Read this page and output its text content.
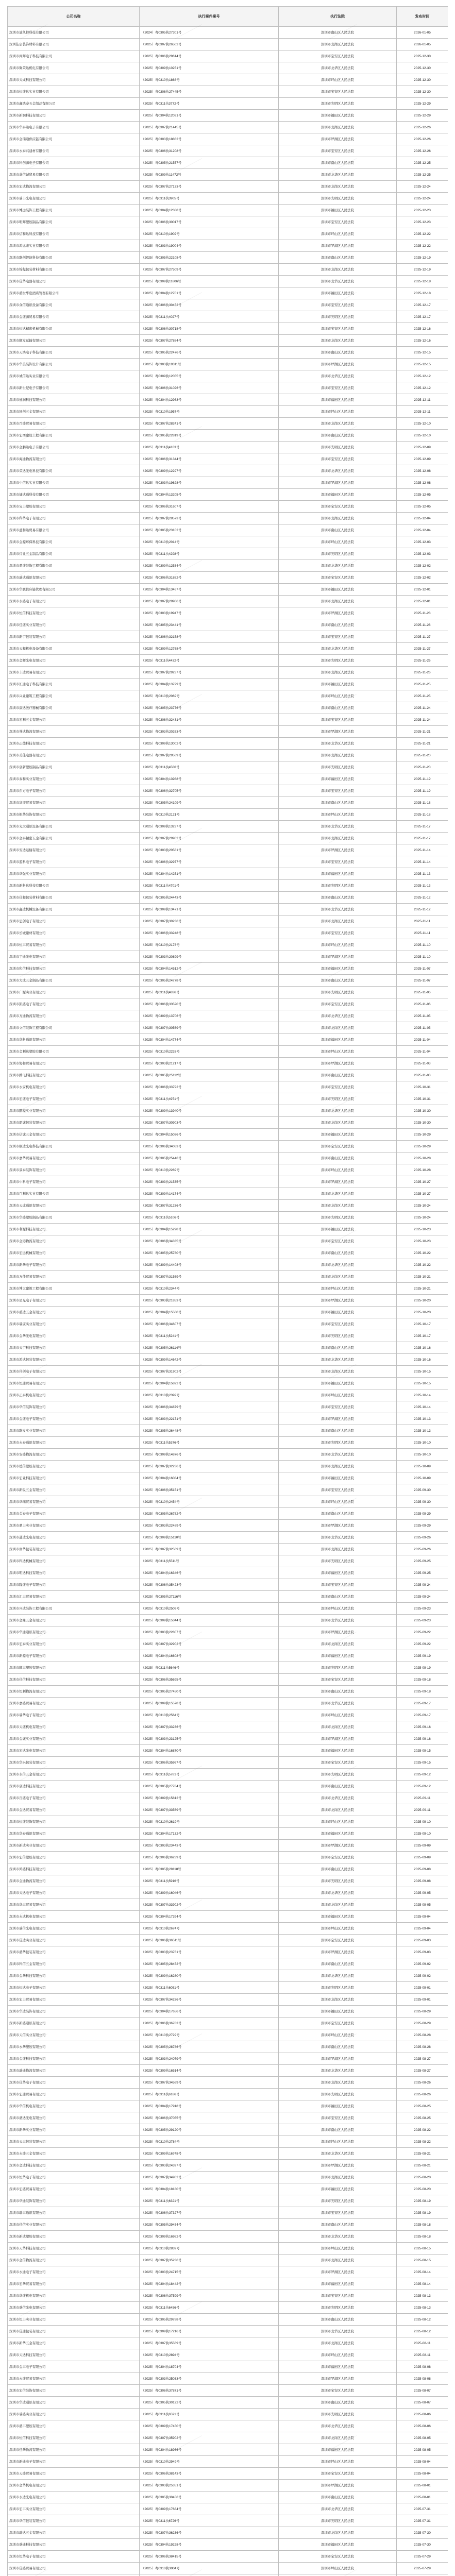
公司名称	执行案件案号	执行法院	发布时间
深圳市迪凯特科技有限公司	（2024）粤0305执27301号	深圳市南山区人民法院	2026-01-05
深圳佳启装饰材料有限公司	（2025）粤0307执26502号	深圳市龙岗区人民法院	2026-01-05
深圳市尚辉电子科技有限公司	（2025）粤0306执29614号	深圳市宝安区人民法院	2025-12-30
深圳市聚荣达机电有限公司	（2025）粤0309执10251号	深圳市龙华区人民法院	2025-12-30
深圳市天成科技有限公司	（2025）粤0310执1868号	深圳市坪山区人民法院	2025-12-30
深圳市恒盛达实业有限公司	（2025）粤0306执27445号	深圳市宝安区人民法院	2025-12-30
深圳市鑫鸿泰五金制品有限公司	（2025）粤0311执3772号	深圳市光明区人民法院	2025-12-29
深圳市新润科技有限公司	（2025）粤0304执12031号	深圳市福田区人民法院	2025-12-29
深圳市华泰达电子有限公司	（2025）粤0307执21445号	深圳市龙岗区人民法院	2025-12-26
深圳市金瑞通供应链有限公司	（2025）粤0303执18862号	深圳市罗湖区人民法院	2025-12-26
深圳市永泰兴建材有限公司	（2025）粤0306执31208号	深圳市宝安区人民法院	2025-12-26
深圳市科创源电子有限公司	（2025）粤0305执21557号	深圳市南山区人民法院	2025-12-25
深圳市嘉信诚贸易有限公司	（2025）粤0309执11472号	深圳市龙华区人民法院	2025-12-25
深圳市宏达物流有限公司	（2025）粤0307执27133号	深圳市龙岗区人民法院	2025-12-24
深圳市瑞丰光电有限公司	（2025）粤0311执3905号	深圳市光明区人民法院	2025-12-24
深圳市博远装饰工程有限公司	（2025）粤0304执12388号	深圳市福田区人民法院	2025-12-23
深圳市明辉塑胶制品有限公司	（2025）粤0306执30017号	深圳市宝安区人民法院	2025-12-23
深圳市信和达科技有限公司	（2025）粤0310执1902号	深圳市坪山区人民法院	2025-12-22
深圳市鸿运来实业有限公司	（2025）粤0303执19004号	深圳市罗湖区人民法院	2025-12-22
深圳市联创智能科技有限公司	（2025）粤0305执22108号	深圳市南山区人民法院	2025-12-19
深圳市锦程包装材料有限公司	（2025）粤0307执27509号	深圳市龙岗区人民法院	2025-12-19
深圳市佳华电器有限公司	（2025）粤0309执11806号	深圳市龙华区人民法院	2025-12-18
深圳市盛世华庭酒店管理有限公司	（2025）粤0304执12701号	深圳市福田区人民法院	2025-12-18
深圳市众信通讯设备有限公司	（2025）粤0306执30452号	深圳市宝安区人民法院	2025-12-17
深圳市金盛源贸易有限公司	（2025）粤0311执4027号	深圳市光明区人民法院	2025-12-17
深圳市恒达精密机械有限公司	（2025）粤0306执30718号	深圳市宝安区人民法院	2025-12-16
深圳市顺发运输有限公司	（2025）粤0307执27884号	深圳市龙岗区人民法院	2025-12-16
深圳市天鸿电子科技有限公司	（2025）粤0305执22476号	深圳市南山区人民法院	2025-12-15
深圳市华美装饰设计有限公司	（2025）粤0303执19311号	深圳市罗湖区人民法院	2025-12-15
深圳市诚信达实业有限公司	（2025）粤0309执12055号	深圳市龙华区人民法院	2025-12-12
深圳市新世纪电子有限公司	（2025）粤0306执31026号	深圳市宝安区人民法院	2025-12-12
深圳市德润科技有限公司	（2025）粤0304执12963号	深圳市福田区人民法院	2025-12-11
深圳市同创五金有限公司	（2025）粤0310执1957号	深圳市坪山区人民法院	2025-12-11
深圳市百盛贸易有限公司	（2025）粤0307执28241号	深圳市龙岗区人民法院	2025-12-10
深圳市宏图建设工程有限公司	（2025）粤0305执22819号	深圳市南山区人民法院	2025-12-10
深圳市金鹏达电子有限公司	（2025）粤0311执4163号	深圳市光明区人民法院	2025-12-09
深圳市海通物流有限公司	（2025）粤0306执31344号	深圳市宝安区人民法院	2025-12-09
深圳市荣达光电科技有限公司	（2025）粤0309执12297号	深圳市龙华区人民法院	2025-12-08
深圳市中信达实业有限公司	（2025）粤0303执19628号	深圳市罗湖区人民法院	2025-12-08
深圳市捷达通科技有限公司	（2025）粤0304执13205号	深圳市福田区人民法院	2025-12-05
深圳市宝丰塑胶有限公司	（2025）粤0306执31607号	深圳市宝安区人民法院	2025-12-05
深圳市科华电子有限公司	（2025）粤0307执28573号	深圳市龙岗区人民法院	2025-12-04
深圳市益和达贸易有限公司	（2025）粤0305执23102号	深圳市南山区人民法院	2025-12-04
深圳市金源环保科技有限公司	（2025）粤0310执2014号	深圳市坪山区人民法院	2025-12-03
深圳市伟业五金制品有限公司	（2025）粤0311执4298号	深圳市光明区人民法院	2025-12-03
深圳市鼎盛装饰工程有限公司	（2025）粤0309执12534号	深圳市龙华区人民法院	2025-12-02
深圳市瑞达通讯有限公司	（2025）粤0306执31882号	深圳市宝安区人民法院	2025-12-02
深圳市华联供应链管理有限公司	（2025）粤0304执13467号	深圳市福田区人民法院	2025-12-01
深圳市永盛电子有限公司	（2025）粤0307执28906号	深圳市龙岗区人民法院	2025-12-01
深圳市恒信科技有限公司	（2025）粤0303执19947号	深圳市罗湖区人民法院	2025-11-28
深圳市佳盛实业有限公司	（2025）粤0305执23441号	深圳市南山区人民法院	2025-11-28
深圳市新宇包装有限公司	（2025）粤0306执32158号	深圳市宝安区人民法院	2025-11-27
深圳市天和机电设备有限公司	（2025）粤0309执12768号	深圳市龙华区人民法院	2025-11-27
深圳市金辉光电有限公司	（2025）粤0311执4432号	深圳市光明区人民法院	2025-11-26
深圳市丰达贸易有限公司	（2025）粤0307执29237号	深圳市龙岗区人民法院	2025-11-26
深圳市汇通电子科技有限公司	（2025）粤0304执13729号	深圳市福田区人民法院	2025-11-25
深圳市兴业建筑工程有限公司	（2025）粤0310执2069号	深圳市坪山区人民法院	2025-11-25
深圳市康达医疗器械有限公司	（2025）粤0305执23776号	深圳市南山区人民法院	2025-11-24
深圳市宏利五金有限公司	（2025）粤0306执32431号	深圳市宝安区人民法院	2025-11-24
深圳市誉达物流有限公司	（2025）粤0303执20263号	深圳市罗湖区人民法院	2025-11-21
深圳市正德科技有限公司	（2025）粤0309执13002号	深圳市龙华区人民法院	2025-11-21
深圳市美佳电器有限公司	（2025）粤0307执29569号	深圳市龙岗区人民法院	2025-11-20
深圳市创新塑胶制品有限公司	（2025）粤0311执4566号	深圳市光明区人民法院	2025-11-20
深圳市泰和实业有限公司	（2025）粤0304执13988号	深圳市福田区人民法院	2025-11-19
深圳市东方电子有限公司	（2025）粤0306执32705号	深圳市宝安区人民法院	2025-11-19
深圳市富康贸易有限公司	（2025）粤0305执24109号	深圳市南山区人民法院	2025-11-18
深圳市振华装饰有限公司	（2025）粤0310执2121号	深圳市坪山区人民法院	2025-11-18
深圳市光大通讯设备有限公司	（2025）粤0309执13237号	深圳市龙华区人民法院	2025-11-17
深圳市金泰精密五金有限公司	（2025）粤0307执29902号	深圳市龙岗区人民法院	2025-11-17
深圳市安达运输有限公司	（2025）粤0303执20581号	深圳市罗湖区人民法院	2025-11-14
深圳市盈科电子有限公司	（2025）粤0306执32977号	深圳市宝安区人民法院	2025-11-14
深圳市华强实业有限公司	（2025）粤0304执14251号	深圳市福田区人民法院	2025-11-13
深圳市新科达科技有限公司	（2025）粤0311执4701号	深圳市光明区人民法院	2025-11-13
深圳市佳和包装材料有限公司	（2025）粤0305执24443号	深圳市南山区人民法院	2025-11-12
深圳市鑫达机械设备有限公司	（2025）粤0309执13471号	深圳市龙华区人民法院	2025-11-12
深圳市思创电子有限公司	（2025）粤0307执30236号	深圳市龙岗区人民法院	2025-11-11
深圳市长城建材有限公司	（2025）粤0306执33248号	深圳市宝安区人民法院	2025-11-11
深圳市恒丰贸易有限公司	（2025）粤0310执2178号	深圳市坪山区人民法院	2025-11-10
深圳市宇通光电有限公司	（2025）粤0303执20899号	深圳市罗湖区人民法院	2025-11-10
深圳市和信科技有限公司	（2025）粤0304执14512号	深圳市福田区人民法院	2025-11-07
深圳市大成五金制品有限公司	（2025）粤0305执24778号	深圳市南山区人民法院	2025-11-07
深圳市广源实业有限公司	（2025）粤0311执4836号	深圳市光明区人民法院	2025-11-06
深圳市凯盛电子有限公司	（2025）粤0306执33520号	深圳市宝安区人民法院	2025-11-06
深圳市万通物流有限公司	（2025）粤0309执13706号	深圳市龙华区人民法院	2025-11-05
深圳市立信装饰工程有限公司	（2025）粤0307执30569号	深圳市龙岗区人民法院	2025-11-05
深圳市华科通讯有限公司	（2025）粤0304执14774号	深圳市福田区人民法院	2025-11-04
深圳市金利达塑胶有限公司	（2025）粤0310执2233号	深圳市坪山区人民法院	2025-11-04
深圳市协和贸易有限公司	（2025）粤0303执21217号	深圳市罗湖区人民法院	2025-11-03
深圳市腾飞科技有限公司	（2025）粤0305执25112号	深圳市南山区人民法院	2025-11-03
深圳市永安机电有限公司	（2025）粤0306执33792号	深圳市宝安区人民法院	2025-10-31
深圳市宏盛电子有限公司	（2025）粤0311执4971号	深圳市光明区人民法院	2025-10-31
深圳市鹏程实业有限公司	（2025）粤0309执13940号	深圳市龙华区人民法院	2025-10-30
深圳市朗诚包装有限公司	（2025）粤0307执30903号	深圳市龙岗区人民法院	2025-10-30
深圳市信诚五金有限公司	（2025）粤0304执15036号	深圳市福田区人民法院	2025-10-29
深圳市顺达光电科技有限公司	（2025）粤0306执34063号	深圳市宝安区人民法院	2025-10-29
深圳市嘉华贸易有限公司	（2025）粤0305执25446号	深圳市南山区人民法院	2025-10-28
深圳市景泰装饰有限公司	（2025）粤0310执2289号	深圳市坪山区人民法院	2025-10-28
深圳市中科电子有限公司	（2025）粤0303执21535号	深圳市罗湖区人民法院	2025-10-27
深圳市百利达实业有限公司	（2025）粤0309执14174号	深圳市龙华区人民法院	2025-10-27
深圳市天成通讯有限公司	（2025）粤0307执31236号	深圳市龙岗区人民法院	2025-10-24
深圳市华盛塑胶制品有限公司	（2025）粤0311执5106号	深圳市光明区人民法院	2025-10-24
深圳市利源科技有限公司	（2025）粤0304执15298号	深圳市福田区人民法院	2025-10-23
深圳市金港物流有限公司	（2025）粤0306执34335号	深圳市宝安区人民法院	2025-10-23
深圳市宏远机械有限公司	（2025）粤0305执25780号	深圳市南山区人民法院	2025-10-22
深圳市新华电子有限公司	（2025）粤0309执14408号	深圳市龙华区人民法院	2025-10-22
深圳市万佳贸易有限公司	（2025）粤0307执31569号	深圳市龙岗区人民法院	2025-10-21
深圳市博大建筑工程有限公司	（2025）粤0310执2344号	深圳市坪山区人民法院	2025-10-21
深圳市星光电子有限公司	（2025）粤0303执21853号	深圳市罗湖区人民法院	2025-10-20
深圳市盛达五金有限公司	（2025）粤0304执15560号	深圳市福田区人民法院	2025-10-20
深圳市瑞康实业有限公司	（2025）粤0306执34607号	深圳市宝安区人民法院	2025-10-17
深圳市金华光电有限公司	（2025）粤0311执5241号	深圳市光明区人民法院	2025-10-17
深圳市天宇科技有限公司	（2025）粤0305执26114号	深圳市南山区人民法院	2025-10-16
深圳市鸿达包装有限公司	（2025）粤0309执14642号	深圳市龙华区人民法院	2025-10-16
深圳市伟创电子有限公司	（2025）粤0307执31902号	深圳市龙岗区人民法院	2025-10-15
深圳市恒通贸易有限公司	（2025）粤0304执15822号	深圳市福田区人民法院	2025-10-15
深圳市正泰机电有限公司	（2025）粤0310执2399号	深圳市坪山区人民法院	2025-10-14
深圳市华信装饰有限公司	（2025）粤0306执34879号	深圳市宝安区人民法院	2025-10-14
深圳市金盛电子有限公司	（2025）粤0303执22171号	深圳市罗湖区人民法院	2025-10-13
深圳市联发实业有限公司	（2025）粤0305执26448号	深圳市南山区人民法院	2025-10-13
深圳市永泰通讯有限公司	（2025）粤0311执5376号	深圳市光明区人民法院	2025-10-10
深圳市安盛物流有限公司	（2025）粤0309执14876号	深圳市龙华区人民法院	2025-10-10
深圳市德信塑胶有限公司	（2025）粤0307执32236号	深圳市龙岗区人民法院	2025-10-09
深圳市宏业科技有限公司	（2025）粤0304执16084号	深圳市福田区人民法院	2025-10-09
深圳市新锐五金有限公司	（2025）粤0306执35151号	深圳市宝安区人民法院	2025-09-30
深圳市华瑞贸易有限公司	（2025）粤0310执2454号	深圳市坪山区人民法院	2025-09-30
深圳市金泰电子有限公司	（2025）粤0305执26782号	深圳市南山区人民法院	2025-09-29
深圳市鼎丰实业有限公司	（2025）粤0303执22489号	深圳市罗湖区人民法院	2025-09-29
深圳市通达光电有限公司	（2025）粤0309执15110号	深圳市龙华区人民法院	2025-09-26
深圳市富华包装有限公司	（2025）粤0307执32569号	深圳市龙岗区人民法院	2025-09-26
深圳市科达机械有限公司	（2025）粤0311执5511号	深圳市光明区人民法院	2025-09-25
深圳市明达科技有限公司	（2025）粤0304执16346号	深圳市福田区人民法院	2025-09-25
深圳市隆盛电子有限公司	（2025）粤0306执35423号	深圳市宝安区人民法院	2025-09-24
深圳市汇丰贸易有限公司	（2025）粤0305执27116号	深圳市南山区人民法院	2025-09-24
深圳市兴达装饰工程有限公司	（2025）粤0310执2509号	深圳市坪山区人民法院	2025-09-23
深圳市金鼎五金有限公司	（2025）粤0309执15344号	深圳市龙华区人民法院	2025-09-23
深圳市华通通讯有限公司	（2025）粤0303执22807号	深圳市罗湖区人民法院	2025-09-22
深圳市宏泰实业有限公司	（2025）粤0307执32902号	深圳市龙岗区人民法院	2025-09-22
深圳市新源电子有限公司	（2025）粤0304执16608号	深圳市福田区人民法院	2025-09-19
深圳市顺丰塑胶有限公司	（2025）粤0311执5646号	深圳市光明区人民法院	2025-09-19
深圳市佳信科技有限公司	（2025）粤0306执35695号	深圳市宝安区人民法院	2025-09-18
深圳市恒利物流有限公司	（2025）粤0305执27450号	深圳市南山区人民法院	2025-09-18
深圳市嘉盛贸易有限公司	（2025）粤0309执15578号	深圳市龙华区人民法院	2025-09-17
深圳市瑞华电子有限公司	（2025）粤0310执2564号	深圳市坪山区人民法院	2025-09-17
深圳市天盛机电有限公司	（2025）粤0307执33236号	深圳市龙岗区人民法院	2025-09-16
深圳市金诚实业有限公司	（2025）粤0303执23125号	深圳市罗湖区人民法院	2025-09-16
深圳市宏达光电有限公司	（2025）粤0304执16870号	深圳市福田区人民法院	2025-09-15
深圳市华兴包装有限公司	（2025）粤0306执35967号	深圳市宝安区人民法院	2025-09-15
深圳市永信五金有限公司	（2025）粤0311执5781号	深圳市光明区人民法院	2025-09-12
深圳市创达科技有限公司	（2025）粤0305执27784号	深圳市南山区人民法院	2025-09-12
深圳市百盛电子有限公司	（2025）粤0309执15812号	深圳市龙华区人民法院	2025-09-11
深圳市金达贸易有限公司	（2025）粤0307执33569号	深圳市龙岗区人民法院	2025-09-11
深圳市恒盛装饰有限公司	（2025）粤0310执2619号	深圳市坪山区人民法院	2025-09-10
深圳市华泰通讯有限公司	（2025）粤0304执17132号	深圳市福田区人民法院	2025-09-10
深圳市新达实业有限公司	（2025）粤0303执23443号	深圳市罗湖区人民法院	2025-09-09
深圳市宏信塑胶有限公司	（2025）粤0306执36239号	深圳市宝安区人民法院	2025-09-09
深圳市鸿盛科技有限公司	（2025）粤0305执28118号	深圳市南山区人民法院	2025-09-08
深圳市金通物流有限公司	（2025）粤0311执5916号	深圳市光明区人民法院	2025-09-08
深圳市天达电子有限公司	（2025）粤0309执16046号	深圳市龙华区人民法院	2025-09-05
深圳市华丰贸易有限公司	（2025）粤0307执33902号	深圳市龙岗区人民法院	2025-09-05
深圳市永达机电有限公司	（2025）粤0304执17394号	深圳市福田区人民法院	2025-09-04
深圳市瑞信光电有限公司	（2025）粤0310执2674号	深圳市坪山区人民法院	2025-09-04
深圳市佳达实业有限公司	（2025）粤0306执36511号	深圳市宝安区人民法院	2025-09-03
深圳市盛华包装有限公司	（2025）粤0303执23761号	深圳市罗湖区人民法院	2025-09-03
深圳市科信五金有限公司	（2025）粤0305执28452号	深圳市南山区人民法院	2025-09-02
深圳市金华科技有限公司	（2025）粤0309执16280号	深圳市龙华区人民法院	2025-09-02
深圳市恒达电子有限公司	（2025）粤0311执6051号	深圳市光明区人民法院	2025-09-01
深圳市宏丰贸易有限公司	（2025）粤0307执34236号	深圳市龙岗区人民法院	2025-09-01
深圳市华达装饰有限公司	（2025）粤0304执17656号	深圳市福田区人民法院	2025-08-29
深圳市新盛通讯有限公司	（2025）粤0306执36783号	深圳市宝安区人民法院	2025-08-29
深圳市天信实业有限公司	（2025）粤0310执2729号	深圳市坪山区人民法院	2025-08-28
深圳市永华塑胶有限公司	（2025）粤0305执28786号	深圳市南山区人民法院	2025-08-28
深圳市金盛科技有限公司	（2025）粤0303执24079号	深圳市罗湖区人民法院	2025-08-27
深圳市瑞通物流有限公司	（2025）粤0309执16514号	深圳市龙华区人民法院	2025-08-27
深圳市佳华电子有限公司	（2025）粤0307执34569号	深圳市龙岗区人民法院	2025-08-26
深圳市宏通贸易有限公司	（2025）粤0311执6186号	深圳市光明区人民法院	2025-08-26
深圳市华信机电有限公司	（2025）粤0304执17918号	深圳市福田区人民法院	2025-08-25
深圳市盛达光电有限公司	（2025）粤0306执37055号	深圳市宝安区人民法院	2025-08-25
深圳市新华实业有限公司	（2025）粤0305执29120号	深圳市南山区人民法院	2025-08-22
深圳市天丰包装有限公司	（2025）粤0310执2784号	深圳市坪山区人民法院	2025-08-22
深圳市永盛五金有限公司	（2025）粤0309执16748号	深圳市龙华区人民法院	2025-08-21
深圳市金达科技有限公司	（2025）粤0303执24397号	深圳市罗湖区人民法院	2025-08-21
深圳市恒华电子有限公司	（2025）粤0307执34902号	深圳市龙岗区人民法院	2025-08-20
深圳市宏盛贸易有限公司	（2025）粤0304执18180号	深圳市福田区人民法院	2025-08-20
深圳市华通装饰有限公司	（2025）粤0311执6321号	深圳市光明区人民法院	2025-08-19
深圳市瑞丰通讯有限公司	（2025）粤0306执37327号	深圳市宝安区人民法院	2025-08-19
深圳市佳信实业有限公司	（2025）粤0305执29454号	深圳市南山区人民法院	2025-08-18
深圳市新达塑胶有限公司	（2025）粤0309执16982号	深圳市龙华区人民法院	2025-08-18
深圳市天华科技有限公司	（2025）粤0310执2839号	深圳市坪山区人民法院	2025-08-15
深圳市金信物流有限公司	（2025）粤0307执35236号	深圳市龙岗区人民法院	2025-08-15
深圳市永通电子有限公司	（2025）粤0303执24715号	深圳市罗湖区人民法院	2025-08-14
深圳市宏华贸易有限公司	（2025）粤0304执18442号	深圳市福田区人民法院	2025-08-14
深圳市华盛机电有限公司	（2025）粤0306执37599号	深圳市宝安区人民法院	2025-08-13
深圳市盛信光电有限公司	（2025）粤0311执6456号	深圳市光明区人民法院	2025-08-13
深圳市恒丰实业有限公司	（2025）粤0305执29788号	深圳市南山区人民法院	2025-08-12
深圳市佳通包装有限公司	（2025）粤0309执17216号	深圳市龙华区人民法院	2025-08-12
深圳市新华五金有限公司	（2025）粤0307执35569号	深圳市龙岗区人民法院	2025-08-11
深圳市天达科技有限公司	（2025）粤0310执2894号	深圳市坪山区人民法院	2025-08-11
深圳市金丰电子有限公司	（2025）粤0304执18704号	深圳市福田区人民法院	2025-08-08
深圳市永盛贸易有限公司	（2025）粤0303执25033号	深圳市罗湖区人民法院	2025-08-08
深圳市宏信装饰有限公司	（2025）粤0306执37871号	深圳市宝安区人民法院	2025-08-07
深圳市华达通讯有限公司	（2025）粤0305执30122号	深圳市南山区人民法院	2025-08-07
深圳市瑞盛实业有限公司	（2025）粤0311执6591号	深圳市光明区人民法院	2025-08-06
深圳市盛丰塑胶有限公司	（2025）粤0309执17450号	深圳市龙华区人民法院	2025-08-06
深圳市恒信科技有限公司	（2025）粤0307执35902号	深圳市龙岗区人民法院	2025-08-05
深圳市佳华物流有限公司	（2025）粤0304执18966号	深圳市福田区人民法院	2025-08-05
深圳市新通电子有限公司	（2025）粤0310执2949号	深圳市坪山区人民法院	2025-08-04
深圳市天盛贸易有限公司	（2025）粤0306执38143号	深圳市宝安区人民法院	2025-08-04
深圳市金华机电有限公司	（2025）粤0303执25351号	深圳市罗湖区人民法院	2025-08-01
深圳市永达光电有限公司	（2025）粤0305执30456号	深圳市南山区人民法院	2025-08-01
深圳市宏丰实业有限公司	（2025）粤0309执17684号	深圳市龙华区人民法院	2025-07-31
深圳市华信包装有限公司	（2025）粤0311执6726号	深圳市光明区人民法院	2025-07-31
深圳市瑞达五金有限公司	（2025）粤0307执36236号	深圳市龙岗区人民法院	2025-07-30
深圳市盛通科技有限公司	（2025）粤0304执19228号	深圳市福田区人民法院	2025-07-30
深圳市恒华电子有限公司	（2025）粤0306执38415号	深圳市宝安区人民法院	2025-07-29
深圳市佳盛贸易有限公司	（2025）粤0310执3004号	深圳市坪山区人民法院	2025-07-29
